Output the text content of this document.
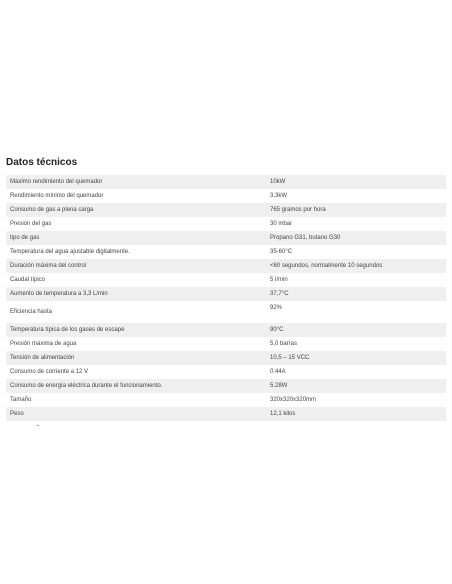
Datos técnicos
Máximo rendimiento del quemador	10kW
Rendimiento mínimo del quemador	3,3kW
Consumo de gas a plena carga	765 gramos por hora
Presion del gas	30 mbar
tipo de gas	Propano G31, butano G30
Temperatura del agua ajustable digitalmente.	35-60°C
Duración máxima del control	<60 segundos, normalmente 10 segundos
Caudal típico	5 l/min
Aumento de temperatura a 3,3 L/min	37,7°C
Eficiencia hasta	92%
Temperatura típica de los gases de escape	90°C
Presión máxima de agua	5,0 barras
Tensión de alimentación	10,5 – 15 VCC
Consumo de corriente a 12 V	0.44A
Consumo de energía eléctrica durante el funcionamiento.	5.28W
Tamaño	320x320x320mm
Peso	12,1 kilos
